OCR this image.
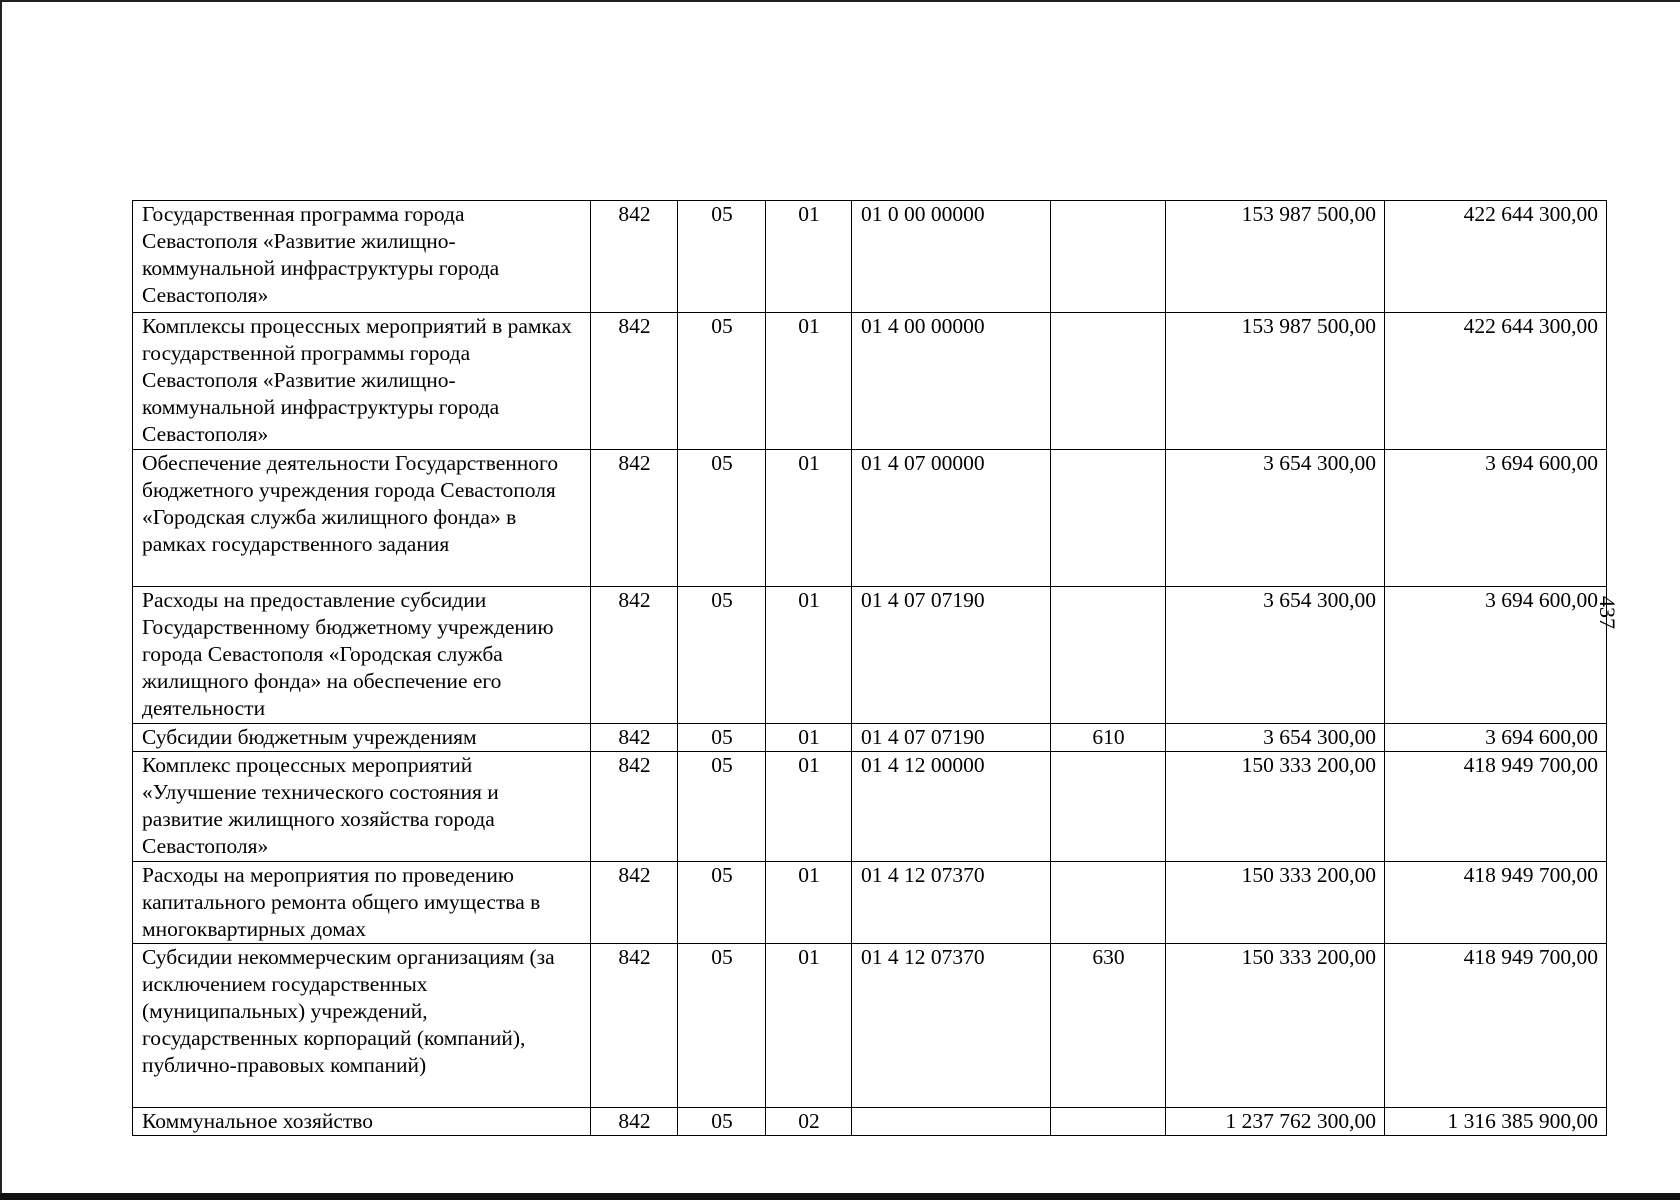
437
Государственная программа города Севастополя «Развитие жилищно-коммунальной инфраструктуры города Севастополя»	842	05	01	01 0 00 00000		153 987 500,00	422 644 300,00
Комплексы процессных мероприятий в рамках государственной программы города Севастополя «Развитие жилищно-коммунальной инфраструктуры города Севастополя»	842	05	01	01 4 00 00000		153 987 500,00	422 644 300,00
Обеспечение деятельности Государственного бюджетного учреждения города Севастополя «Городская служба жилищного фонда» в рамках государственного задания	842	05	01	01 4 07 00000		3 654 300,00	3 694 600,00
Расходы на предоставление субсидии Государственному бюджетному учреждению города Севастополя «Городская служба жилищного фонда» на обеспечение его деятельности	842	05	01	01 4 07 07190		3 654 300,00	3 694 600,00
Субсидии бюджетным учреждениям	842	05	01	01 4 07 07190	610	3 654 300,00	3 694 600,00
Комплекс процессных мероприятий «Улучшение технического состояния и развитие жилищного хозяйства города Севастополя»	842	05	01	01 4 12 00000		150 333 200,00	418 949 700,00
Расходы на мероприятия по проведению капитального ремонта общего имущества в многоквартирных домах	842	05	01	01 4 12 07370		150 333 200,00	418 949 700,00
Субсидии некоммерческим организациям (за исключением государственных (муниципальных) учреждений, государственных корпораций (компаний), публично-правовых компаний)	842	05	01	01 4 12 07370	630	150 333 200,00	418 949 700,00
Коммунальное хозяйство	842	05	02			1 237 762 300,00	1 316 385 900,00
